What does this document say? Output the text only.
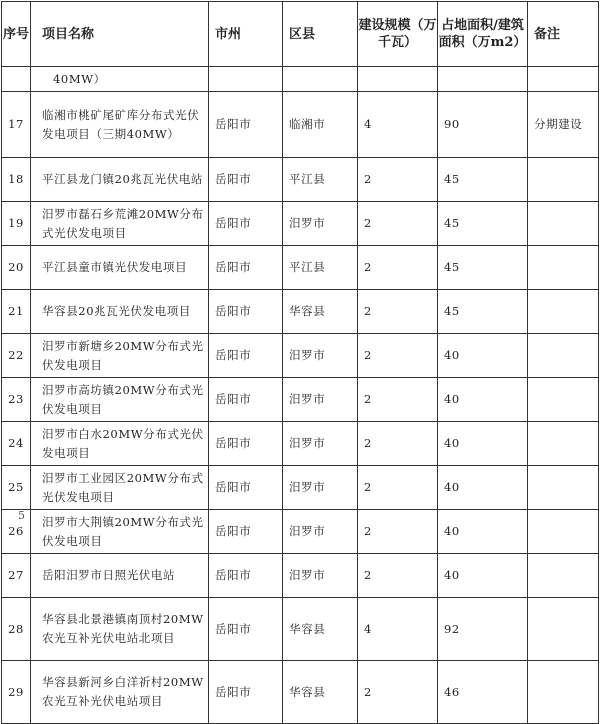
序号	项目名称	市州	区县	建设规模（万千瓦）	占地面积/建筑面积（万m2）	备注
	40MW）					
17	临湘市桃矿尾矿库分布式光伏发电项目（三期40MW）	岳阳市	临湘市	4	90	分期建设
18	平江县龙门镇20兆瓦光伏电站	岳阳市	平江县	2	45	
19	汨罗市磊石乡荒滩20MW分布式光伏发电项目	岳阳市	汨罗市	2	45	
20	平江县童市镇光伏发电项目	岳阳市	平江县	2	45	
21	华容县20兆瓦光伏发电项目	岳阳市	华容县	2	45	
22	汨罗市新塘乡20MW分布式光伏发电项目	岳阳市	汨罗市	2	40	
23	汨罗市高坊镇20MW分布式光伏发电项目	岳阳市	汨罗市	2	40	
24	汨罗市白水20MW分布式光伏发电项目	岳阳市	汨罗市	2	40	
25	汨罗市工业园区20MW分布式光伏发电项目	岳阳市	汨罗市	2	40	
26	汨罗市大荆镇20MW分布式光伏发电项目	岳阳市	汨罗市	2	40	
27	岳阳汨罗市日照光伏电站	岳阳市	汨罗市	2	40	
28	华容县北景港镇南顶村20MW农光互补光伏电站北项目	岳阳市	华容县	4	92	
29	华容县新河乡白洋祈村20MW农光互补光伏电站项目	岳阳市	华容县	2	46	
5
